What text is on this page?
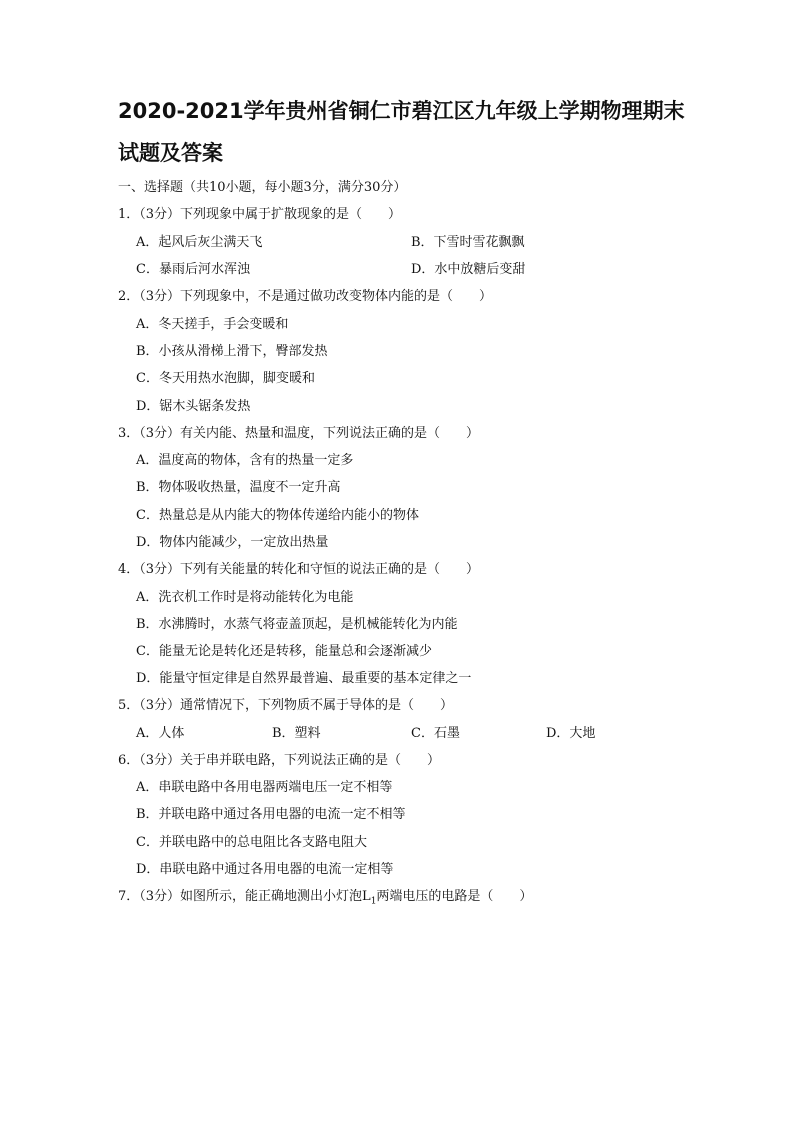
2020-2021学年贵州省铜仁市碧江区九年级上学期物理期末
试题及答案
一、选择题（共10小题，每小题3分，满分30分）
1．（3分）下列现象中属于扩散现象的是（　　）
A．起风后灰尘满天飞	B．下雪时雪花飘飘
C．暴雨后河水浑浊	D．水中放糖后变甜
2．（3分）下列现象中，不是通过做功改变物体内能的是（　　）
A．冬天搓手，手会变暖和
B．小孩从滑梯上滑下，臀部发热
C．冬天用热水泡脚，脚变暖和
D．锯木头锯条发热
3．（3分）有关内能、热量和温度，下列说法正确的是（　　）
A．温度高的物体，含有的热量一定多
B．物体吸收热量，温度不一定升高
C．热量总是从内能大的物体传递给内能小的物体
D．物体内能减少，一定放出热量
4．（3分）下列有关能量的转化和守恒的说法正确的是（　　）
A．洗衣机工作时是将动能转化为电能
B．水沸腾时，水蒸气将壶盖顶起，是机械能转化为内能
C．能量无论是转化还是转移，能量总和会逐渐减少
D．能量守恒定律是自然界最普遍、最重要的基本定律之一
5．（3分）通常情况下，下列物质不属于导体的是（　　）
A．人体	B．塑料	C．石墨	D．大地
6．（3分）关于串并联电路，下列说法正确的是（　　）
A．串联电路中各用电器两端电压一定不相等
B．并联电路中通过各用电器的电流一定不相等
C．并联电路中的总电阻比各支路电阻大
D．串联电路中通过各用电器的电流一定相等
7．（3分）如图所示，能正确地测出小灯泡$L_1$两端电压的电路是（　　）
